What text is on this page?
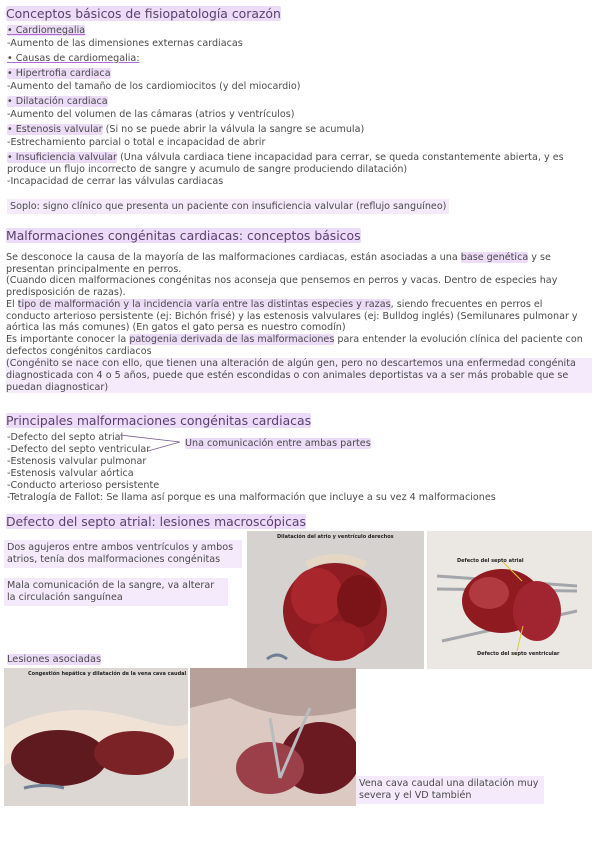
Conceptos básicos de fisiopatología corazón
• Cardiomegalia
-Aumento de las dimensiones externas cardiacas
• Causas de cardiomegalia:
• Hipertrofia cardiaca
-Aumento del tamaño de los cardiomiocitos (y del miocardio)
• Dilatación cardiaca
-Aumento del volumen de las cámaras (atrios y ventrículos)
• Estenosis valvular (Si no se puede abrir la válvula la sangre se acumula)
-Estrechamiento parcial o total e incapacidad de abrir
• Insuficiencia valvular (Una válvula cardiaca tiene incapacidad para cerrar, se queda constantemente abierta, y es
produce un flujo incorrecto de sangre y acumulo de sangre produciendo dilatación)
-Incapacidad de cerrar las válvulas cardiacas
Soplo: signo clínico que presenta un paciente con insuficiencia valvular (reflujo sanguíneo)
Malformaciones congénitas cardiacas: conceptos básicos
Se desconoce la causa de la mayoría de las malformaciones cardiacas, están asociadas a una base genética y se
presentan principalmente en perros.
(Cuando dicen malformaciones congénitas nos aconseja que pensemos en perros y vacas. Dentro de especies hay
predisposición de razas).
El tipo de malformación y la incidencia varía entre las distintas especies y razas, siendo frecuentes en perros el
conducto arterioso persistente (ej: Bichón frisé) y las estenosis valvulares (ej: Bulldog inglés) (Semilunares pulmonar y
aórtica las más comunes) (En gatos el gato persa es nuestro comodín)
Es importante conocer la patogenia derivada de las malformaciones para entender la evolución clínica del paciente con
defectos congénitos cardiacos
(Congénito se nace con ello, que tienen una alteración de algún gen, pero no descartemos una enfermedad congénita
diagnosticada con 4 o 5 años, puede que estén escondidas o con animales deportistas va a ser más probable que se
puedan diagnosticar)
Principales malformaciones congénitas cardiacas
-Defecto del septo atrial
-Defecto del septo ventricular
-Estenosis valvular pulmonar
-Estenosis valvular aórtica
-Conducto arterioso persistente
-Tetralogía de Fallot: Se llama así porque es una malformación que incluye a su vez 4 malformaciones
Una comunicación entre ambas partes
Defecto del septo atrial: lesiones macroscópicas
Dos agujeros entre ambos ventrículos y ambos atrios, tenía dos malformaciones congénitas
Mala comunicación de la sangre, va alterar la circulación sanguínea
Dilatación del atrio y ventrículo derechos
Defecto del septo atrial
Defecto del septo ventricular
Lesiones asociadas
Congestión hepática y dilatación de la vena cava caudal
Vena cava caudal una dilatación muy severa y el VD también
